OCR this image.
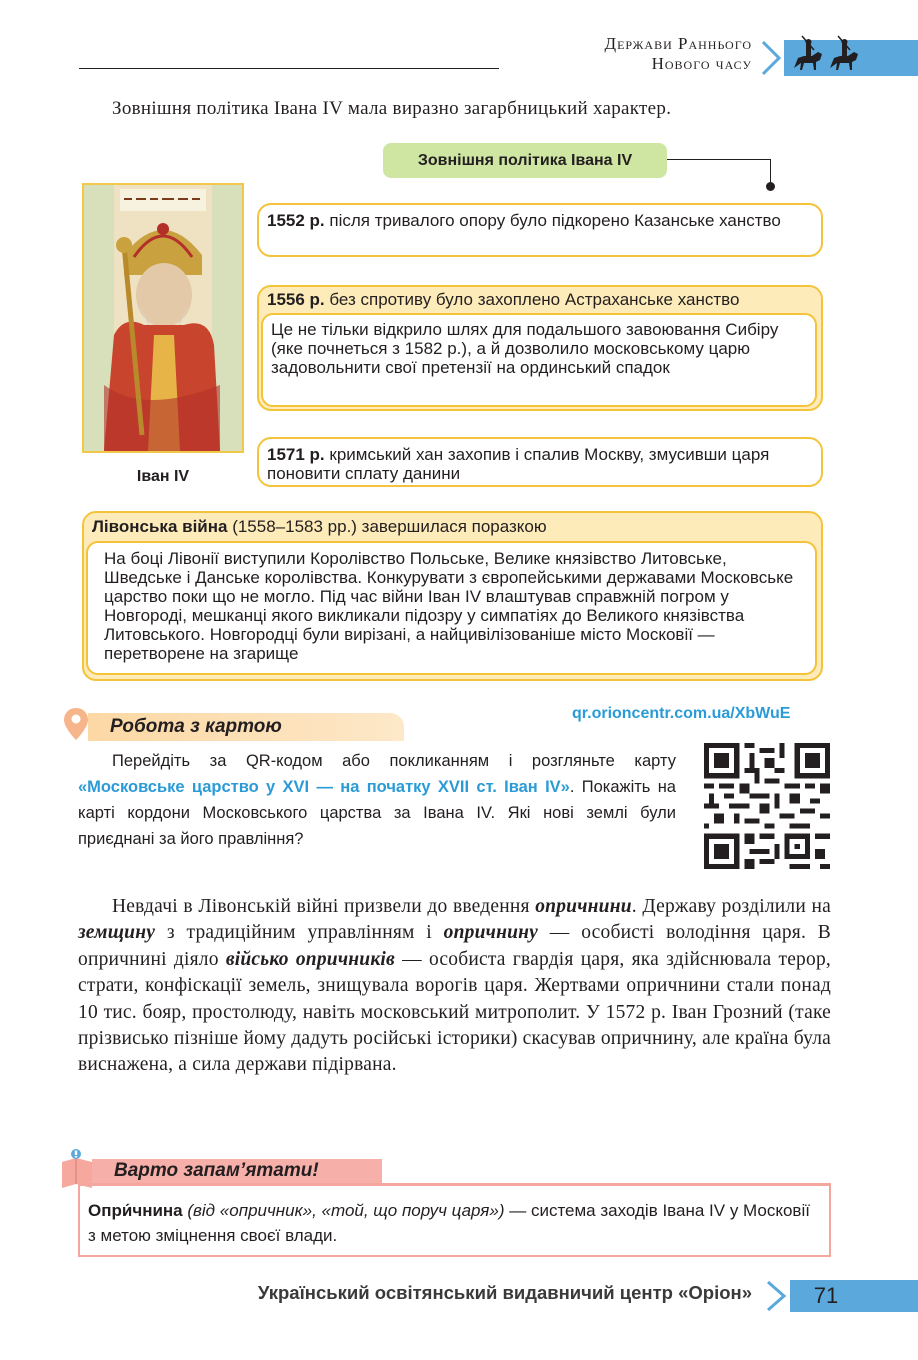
Держави Раннього
Нового часу
Зовнішня політика Івана IV мала виразно загарбницький характер.
Зовнішня політика Івана IV
Іван IV
1552 р. після тривалого опору було підкорено Казанське ханство
1556 р. без спротиву було захоплено Астраханське ханство
Це не тільки відкрило шлях для подальшого завоювання Сибіру (яке почнеться з 1582 р.), а й дозволило московському царю задовольнити свої претензії на ординський спадок
1571 р. кримський хан захопив і спалив Москву, змусивши царя поновити сплату данини
Лівонська війна (1558–1583 рр.) завершилася поразкою
На боці Лівонії виступили Королівство Польське, Велике князівство Литовське, Шведське і Данське королівства. Конкурувати з європейськими державами Московське царство поки що не могло. Під час війни Іван IV влаштував справжній погром у Новгороді, мешканці якого викликали підозру у симпатіях до Великого князівства Литовського. Новгородці були вирізані, а найцивілізованіше місто Московії — перетворене на згарище
Робота з картою
qr.orioncentr.com.ua/XbWuE
Перейдіть за QR-кодом або покликанням і розгляньте карту «Московське царство у XVI — на початку XVII ст. Іван IV». Покажіть на карті кордони Московського царства за Івана IV. Які нові землі були приєднані за його правління?
Невдачі в Лівонській війні призвели до введення опричнини. Державу розділили на земщину з традиційним управлінням і опричнину — особисті володіння царя. В опричнині діяло військо опричників — особиста гвардія царя, яка здійснювала терор, страти, конфіскації земель, знищувала ворогів царя. Жертвами опричнини стали понад 10 тис. бояр, простолюду, навіть московський митрополит. У 1572 р. Іван Грозний (таке прізвисько пізніше йому дадуть російські історики) скасував опричнину, але країна була виснажена, а сила держави підірвана.
Варто запам’ятати!
Опри́чнина (від «опричник», «той, що поруч царя») — система заходів Івана IV у Московії з метою зміцнення своєї влади.
Український освітянський видавничий центр «Оріон»	71
